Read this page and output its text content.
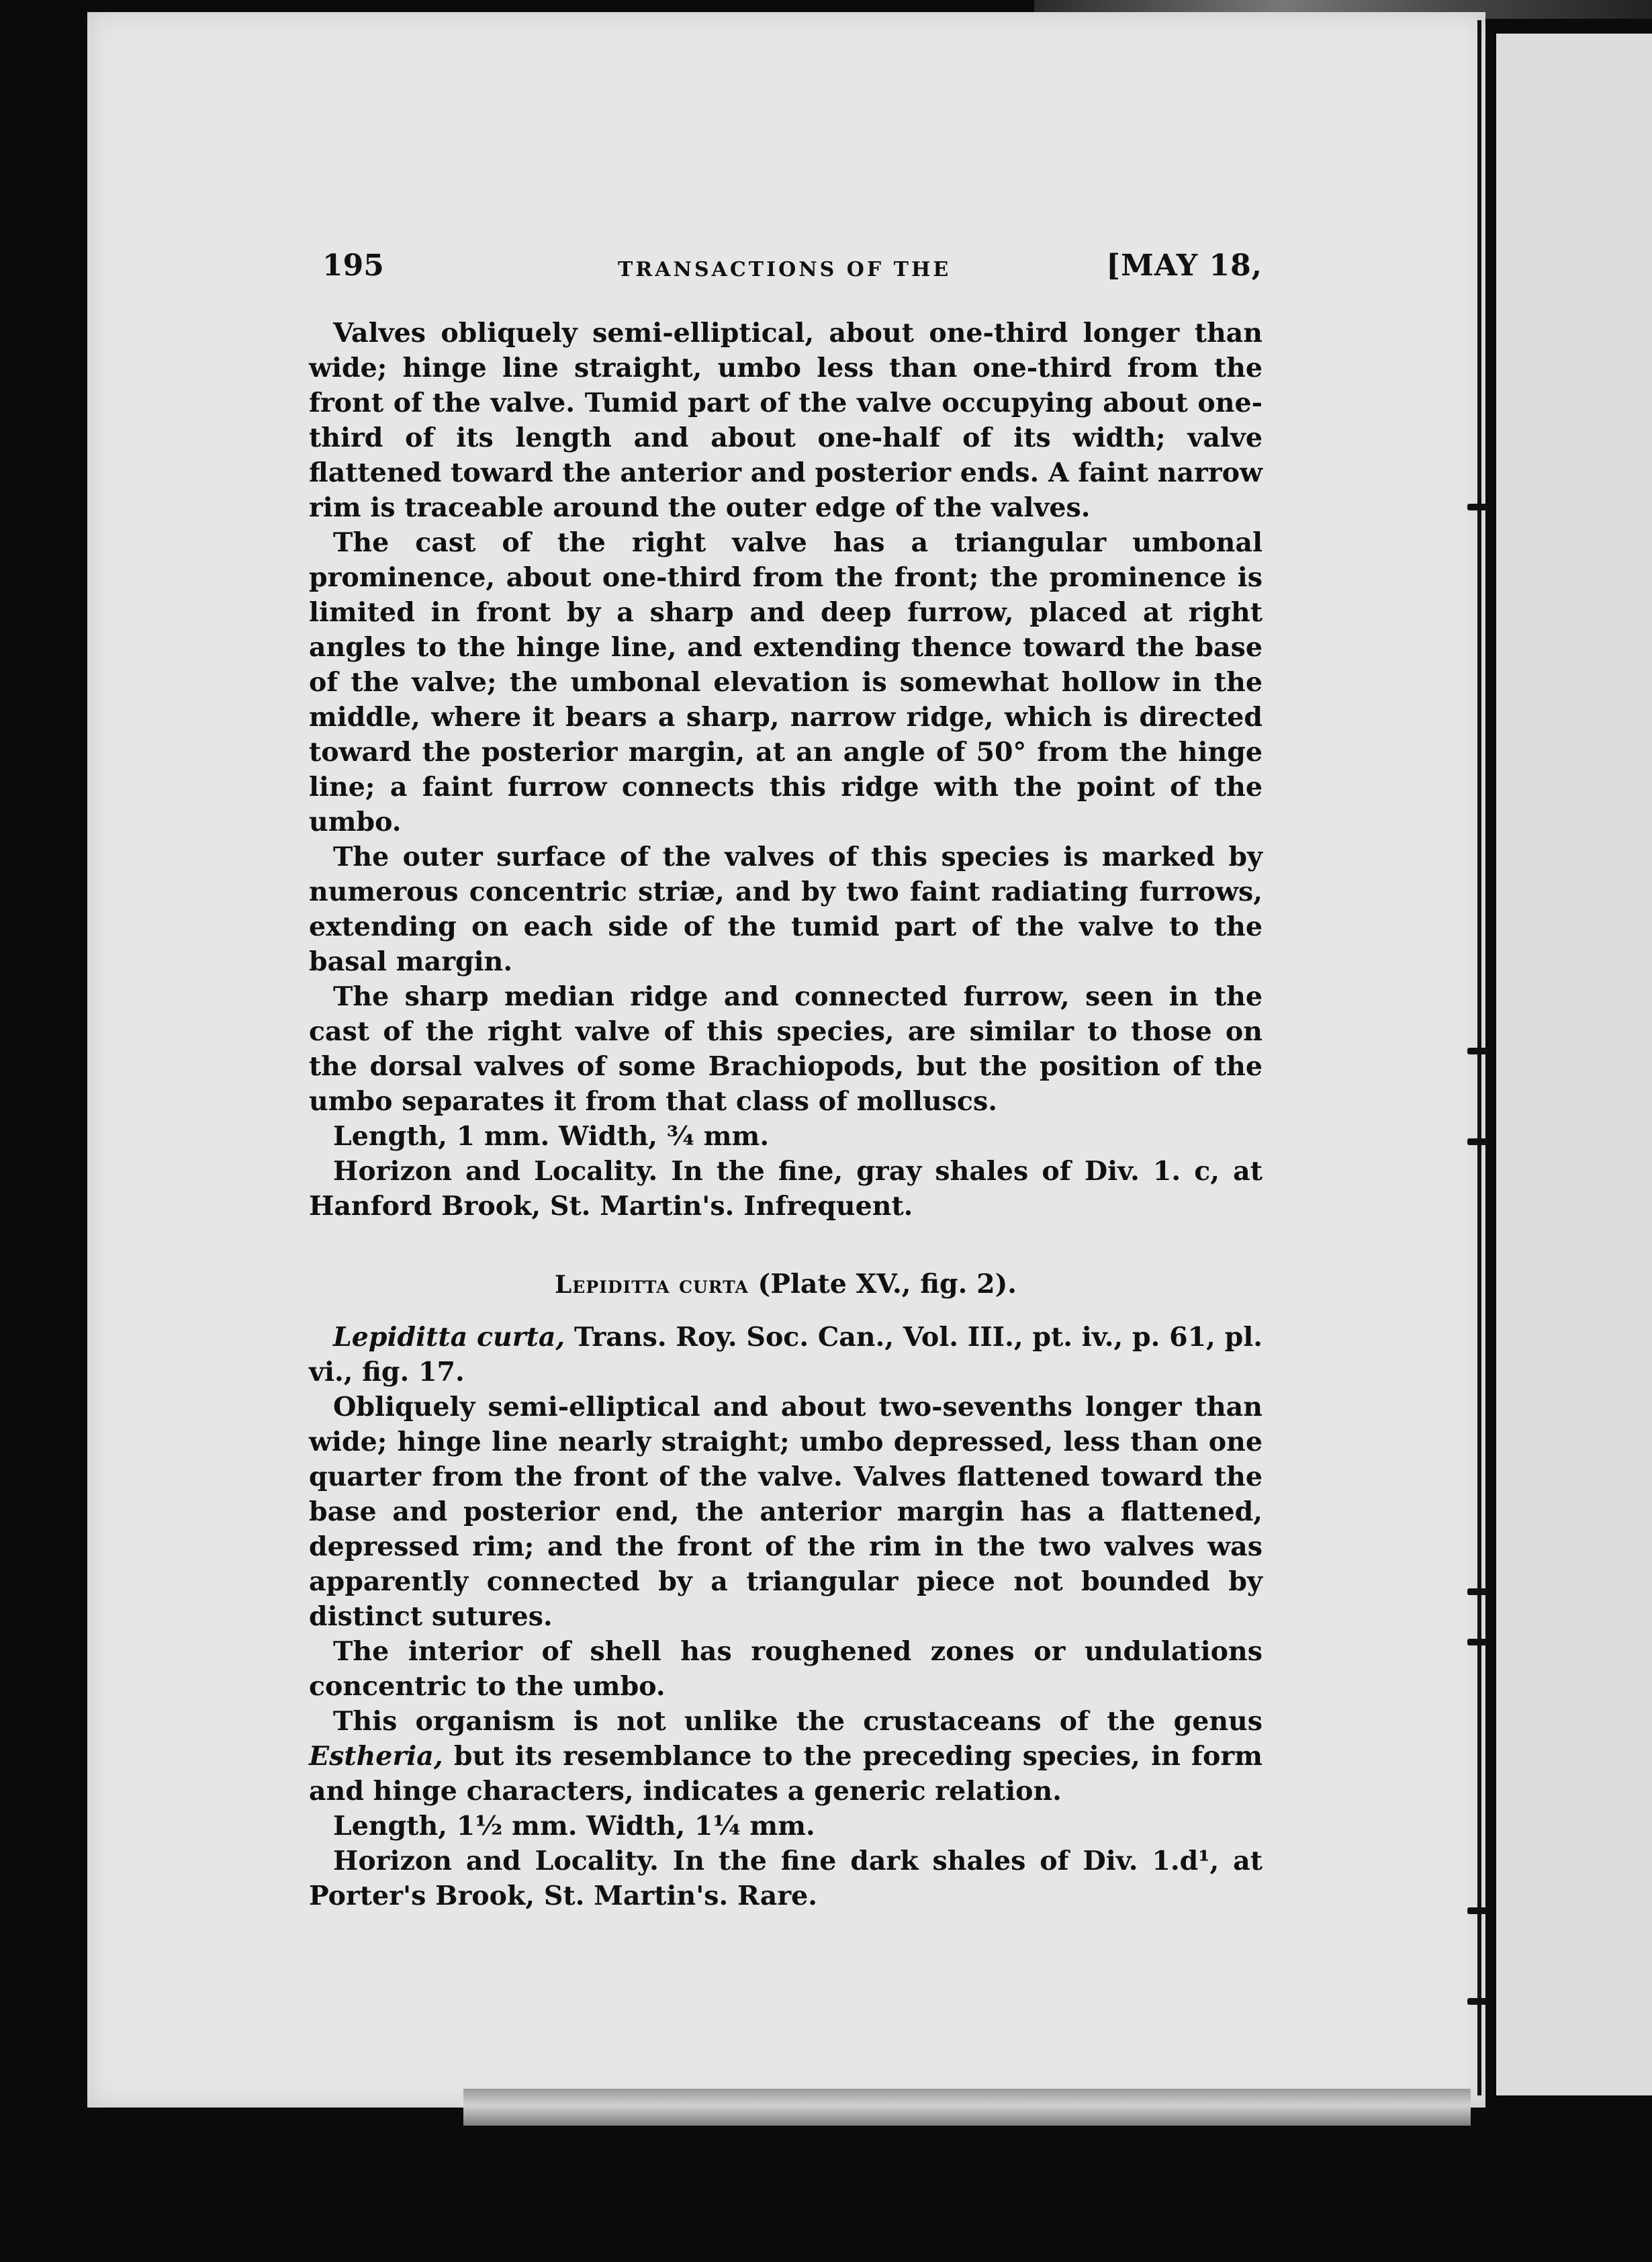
195	TRANSACTIONS OF THE	[MAY 18,

Valves obliquely semi-elliptical, about one-third longer than wide; hinge line straight, umbo less than one-third from the front of the valve. Tumid part of the valve occupying about one-third of its length and about one-half of its width; valve flattened toward the anterior and posterior ends. A faint narrow rim is traceable around the outer edge of the valves.

The cast of the right valve has a triangular umbonal prominence, about one-third from the front; the prominence is limited in front by a sharp and deep furrow, placed at right angles to the hinge line, and extending thence toward the base of the valve; the umbonal elevation is somewhat hollow in the middle, where it bears a sharp, narrow ridge, which is directed toward the posterior margin, at an angle of 50° from the hinge line; a faint furrow connects this ridge with the point of the umbo.

The outer surface of the valves of this species is marked by numerous concentric striæ, and by two faint radiating furrows, extending on each side of the tumid part of the valve to the basal margin.

The sharp median ridge and connected furrow, seen in the cast of the right valve of this species, are similar to those on the dorsal valves of some Brachiopods, but the position of the umbo separates it from that class of molluscs.

Length, 1 mm. Width, ¾ mm.

Horizon and Locality. In the fine, gray shales of Div. 1. c, at Hanford Brook, St. Martin's. Infrequent.

Lepiditta curta (Plate XV., fig. 2).

Lepiditta curta, Trans. Roy. Soc. Can., Vol. III., pt. iv., p. 61, pl. vi., fig. 17.

Obliquely semi-elliptical and about two-sevenths longer than wide; hinge line nearly straight; umbo depressed, less than one quarter from the front of the valve. Valves flattened toward the base and posterior end, the anterior margin has a flattened, depressed rim; and the front of the rim in the two valves was apparently connected by a triangular piece not bounded by distinct sutures.

The interior of shell has roughened zones or undulations concentric to the umbo.

This organism is not unlike the crustaceans of the genus Estheria, but its resemblance to the preceding species, in form and hinge characters, indicates a generic relation.

Length, 1½ mm. Width, 1¼ mm.

Horizon and Locality. In the fine dark shales of Div. 1.d¹, at Porter's Brook, St. Martin's. Rare.
